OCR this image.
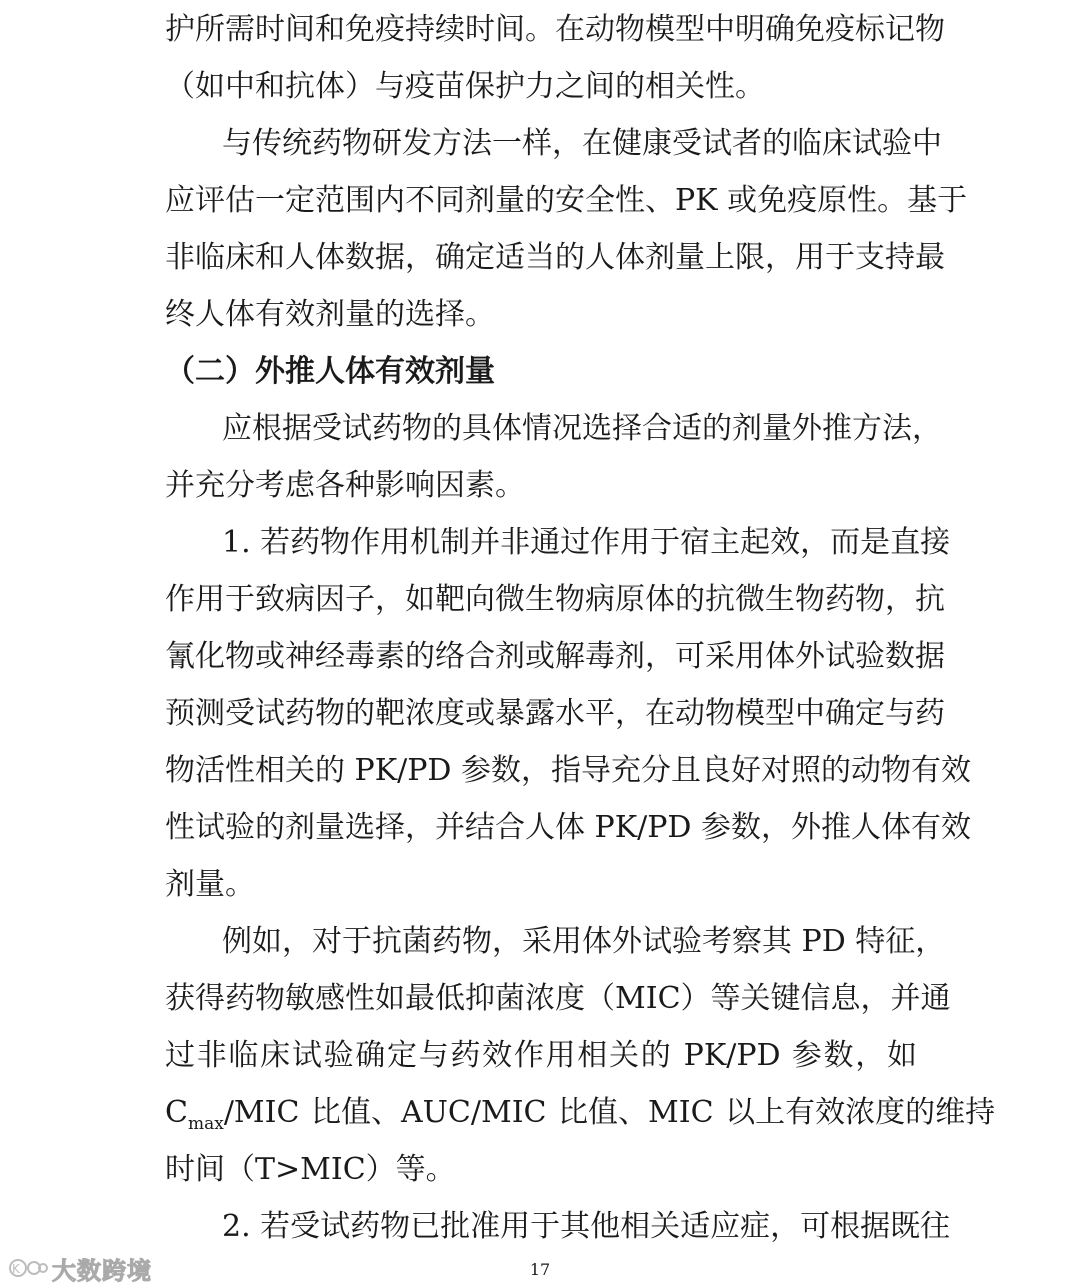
护所需时间和免疫持续时间。在动物模型中明确免疫标记物
（如中和抗体）与疫苗保护力之间的相关性。
与传统药物研发方法一样，在健康受试者的临床试验中
应评估一定范围内不同剂量的安全性、PK 或免疫原性。基于
非临床和人体数据，确定适当的人体剂量上限，用于支持最
终人体有效剂量的选择。
（二）外推人体有效剂量
应根据受试药物的具体情况选择合适的剂量外推方法，
并充分考虑各种影响因素。
1. 若药物作用机制并非通过作用于宿主起效，而是直接
作用于致病因子，如靶向微生物病原体的抗微生物药物，抗
氰化物或神经毒素的络合剂或解毒剂，可采用体外试验数据
预测受试药物的靶浓度或暴露水平，在动物模型中确定与药
物活性相关的 PK/PD 参数，指导充分且良好对照的动物有效
性试验的剂量选择，并结合人体 PK/PD 参数，外推人体有效
剂量。
例如，对于抗菌药物，采用体外试验考察其 PD 特征，
获得药物敏感性如最低抑菌浓度（MIC）等关键信息，并通
过非临床试验确定与药效作用相关的 PK/PD 参数，如
$C_{max}$/MIC 比值、AUC/MIC 比值、MIC 以上有效浓度的维持
时间（T>MIC）等。
2. 若受试药物已批准用于其他相关适应症，可根据既往
17
K 大数跨境
